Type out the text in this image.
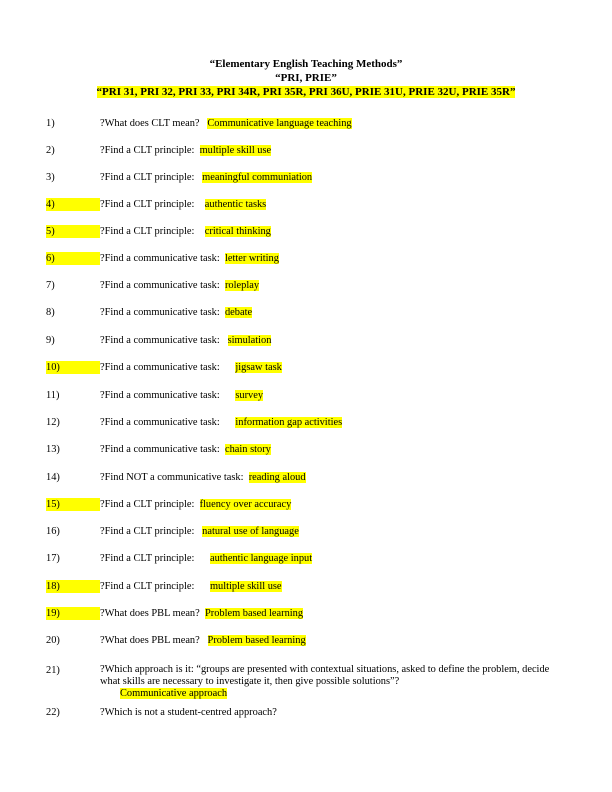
“Elementary English Teaching Methods”
“PRI, PRIE”
“PRI 31, PRI 32, PRI 33, PRI 34R, PRI 35R, PRI 36U, PRIE 31U, PRIE 32U, PRIE 35R”
1)	?What does CLT mean? Communicative language teaching
2)	?Find a CLT principle: multiple skill use
3)	?Find a CLT principle: meaningful communiation
4)	?Find a CLT principle: authentic tasks
5)	?Find a CLT principle: critical thinking
6)	?Find a communicative task: letter writing
7)	?Find a communicative task: roleplay
8)	?Find a communicative task: debate
9)	?Find a communicative task: simulation
10)	?Find a communicative task: jigsaw task
11)	?Find a communicative task: survey
12)	?Find a communicative task: information gap activities
13)	?Find a communicative task: chain story
14)	?Find NOT a communicative task: reading aloud
15)	?Find a CLT principle: fluency over accuracy
16)	?Find a CLT principle: natural use of language
17)	?Find a CLT principle: authentic language input
18)	?Find a CLT principle: multiple skill use
19)	?What does PBL mean? Problem based learning
20)	?What does PBL mean? Problem based learning
21)	?Which approach is it: “groups are presented with contextual situations, asked to define the problem, decide what skills are necessary to investigate it, then give possible solutions”?
Communicative approach
22)	?Which is not a student-centred approach?
